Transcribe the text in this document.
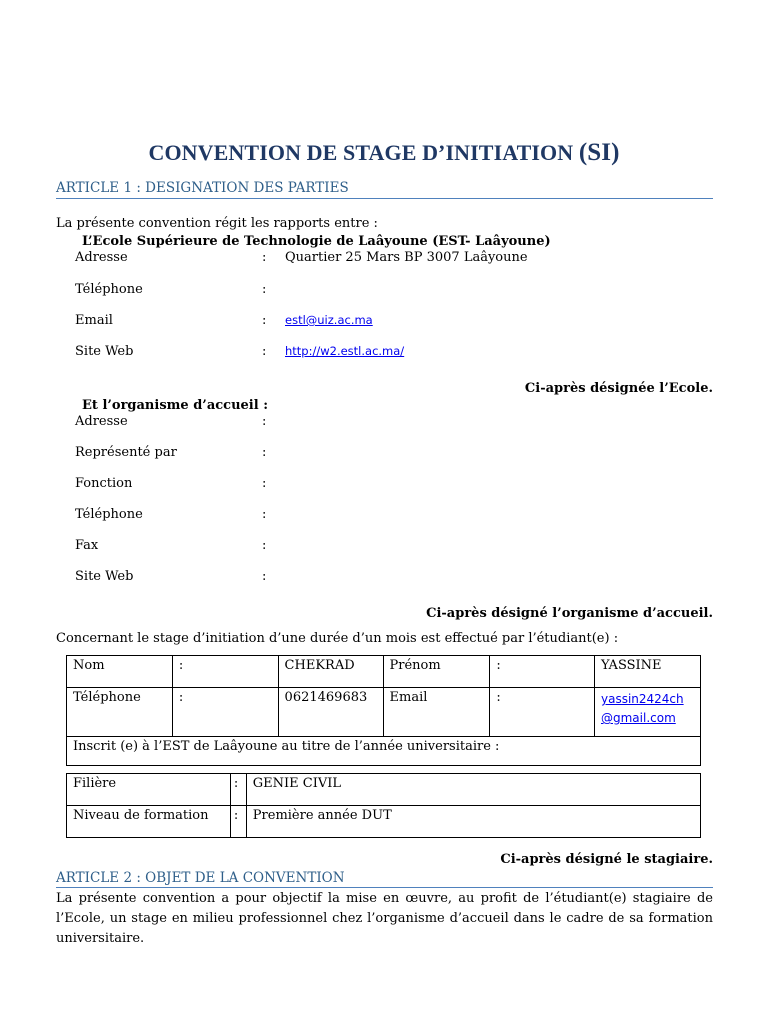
CONVENTION DE STAGE D’INITIATION (SI)
ARTICLE 1 : DESIGNATION DES PARTIES
La présente convention régit les rapports entre :
L’Ecole Supérieure de Technologie de Laâyoune (EST- Laâyoune)
Adresse	: Quartier 25 Mars BP 3007 Laâyoune
Téléphone	:
Email	: estl@uiz.ac.ma
Site Web	: http://w2.estl.ac.ma/
Ci-après désignée l’Ecole.
Et l’organisme d’accueil :
Adresse	:
Représenté par	:
Fonction	:
Téléphone	:
Fax	:
Site Web	:
Ci-après désigné l’organisme d’accueil.
Concernant le stage d’initiation d’une durée d’un mois est effectué par l’étudiant(e) :
Nom	:	CHEKRAD	Prénom	:	YASSINE
Téléphone	:	0621469683	Email	:	yassin2424ch
@gmail.com
Inscrit (e) à l’EST de Laâyoune au titre de l’année universitaire :					
Filière	:	GENIE CIVIL
Niveau de formation	:	Première année DUT
Ci-après désigné le stagiaire.
ARTICLE 2 : OBJET DE LA CONVENTION
La présente convention a pour objectif la mise en œuvre, au profit de l’étudiant(e) stagiaire de l’Ecole, un stage en milieu professionnel chez l’organisme d’accueil dans le cadre de sa formation universitaire.
